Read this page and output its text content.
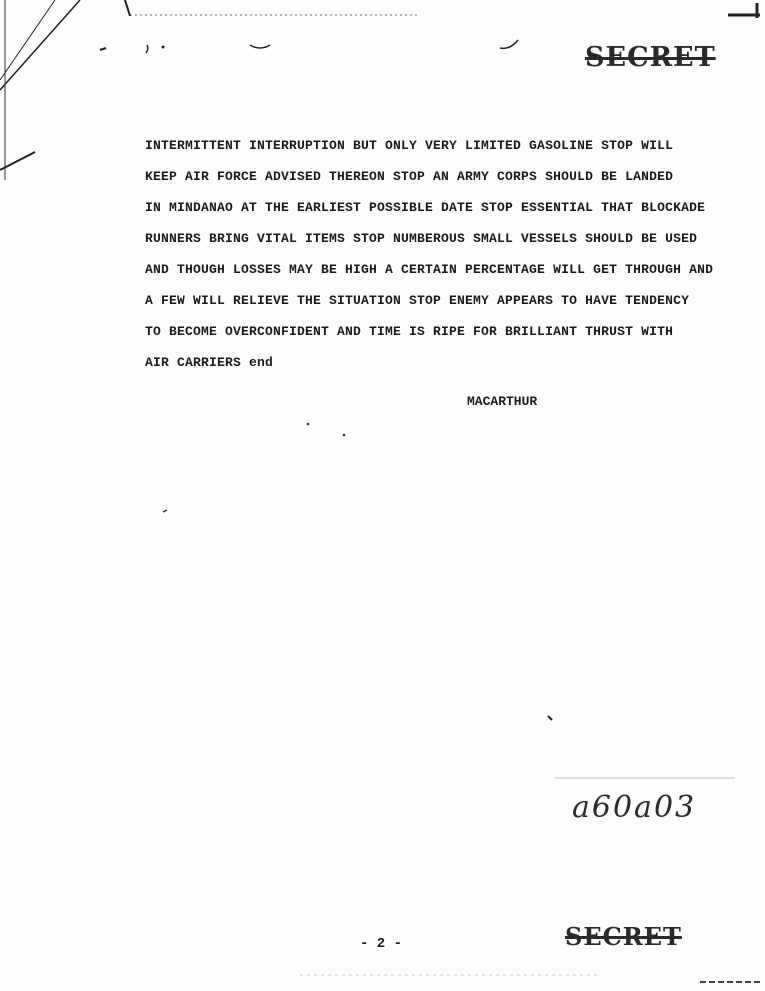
SECRET
INTERMITTENT INTERRUPTION BUT ONLY VERY LIMITED GASOLINE STOP WILL
KEEP AIR FORCE ADVISED THEREON STOP AN ARMY CORPS SHOULD BE LANDED
IN MINDANAO AT THE EARLIEST POSSIBLE DATE STOP ESSENTIAL THAT BLOCKADE
RUNNERS BRING VITAL ITEMS STOP NUMBEROUS SMALL VESSELS SHOULD BE USED
AND THOUGH LOSSES MAY BE HIGH A CERTAIN PERCENTAGE WILL GET THROUGH AND
A FEW WILL RELIEVE THE SITUATION STOP ENEMY APPEARS TO HAVE TENDENCY
TO BECOME OVERCONFIDENT AND TIME IS RIPE FOR BRILLIANT THRUST WITH
AIR CARRIERS end
MACARTHUR
a60a03
- 2 -	SECRET
